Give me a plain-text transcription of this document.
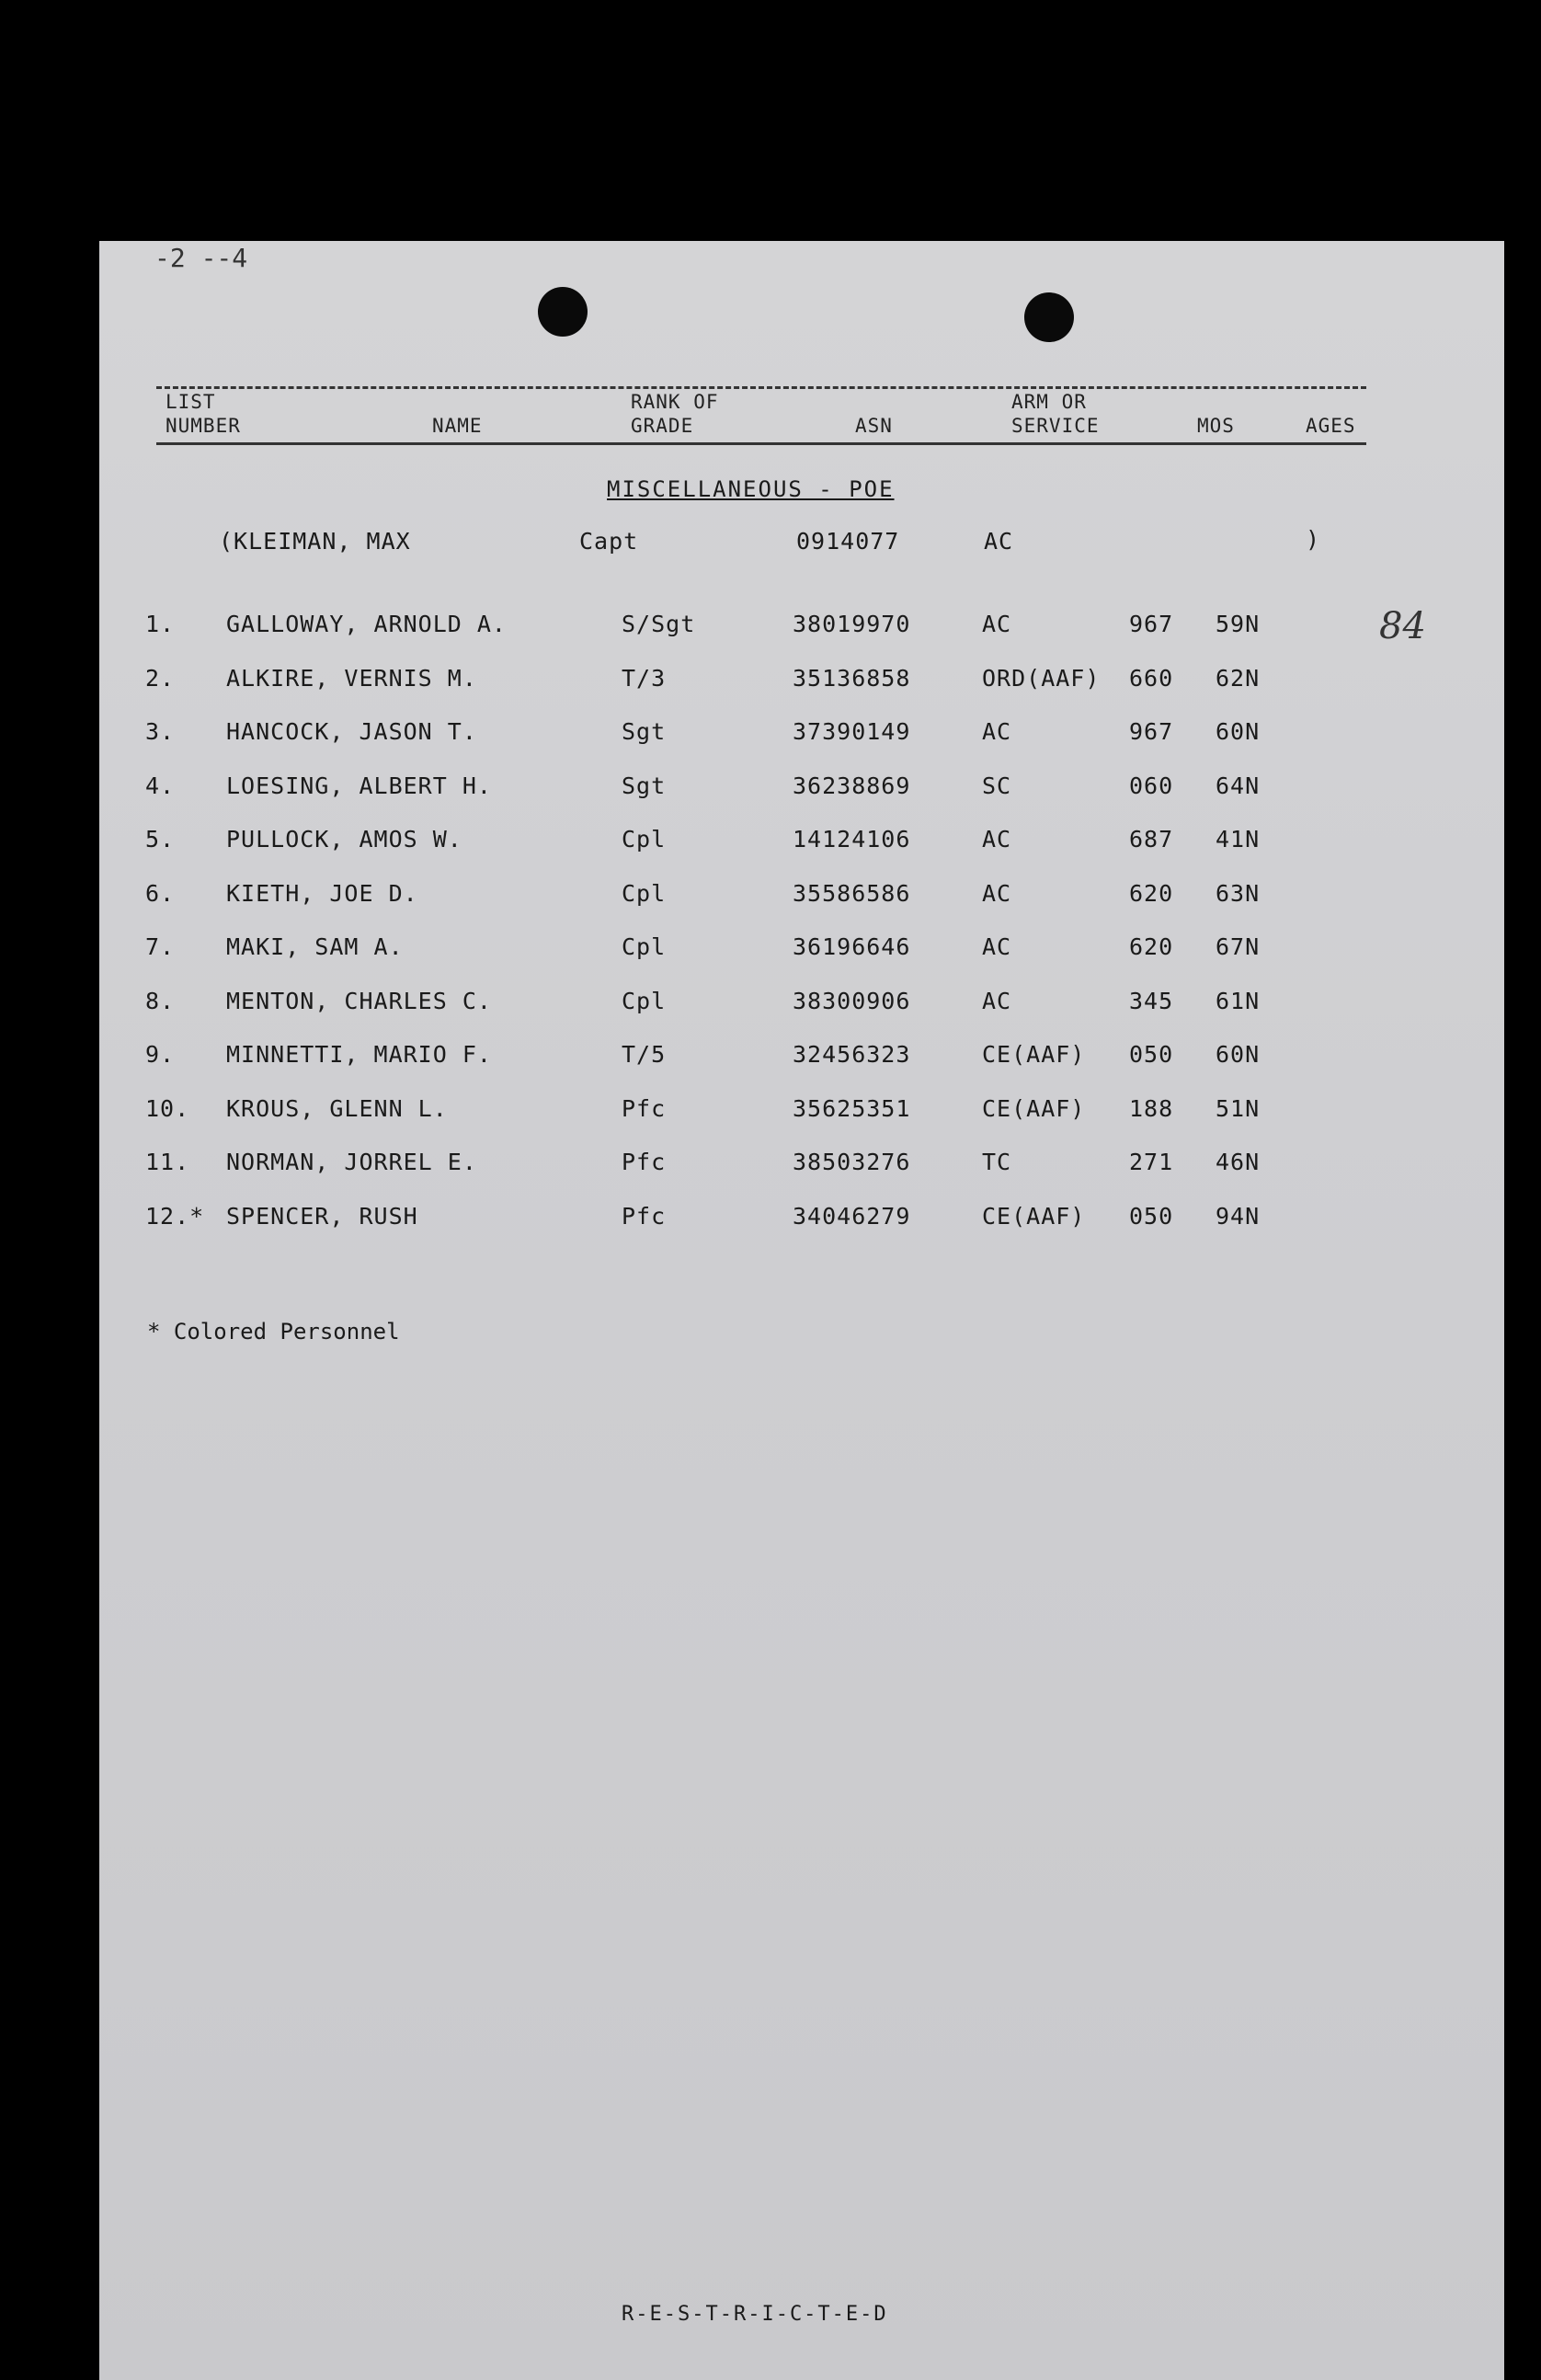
-2 --4
LIST
NUMBER	NAME
RANK OF
GRADE	ASN
ARM OR
SERVICE	MOS	AGES
MISCELLANEOUS - POE
(KLEIMAN, MAX	Capt	0914077	AC	)
84
1. GALLOWAY, ARNOLD A.	S/Sgt	38019970	AC	967 59N
2. ALKIRE, VERNIS M.	T/3	35136858	ORD(AAF) 660 62N
3. HANCOCK, JASON T.	Sgt	37390149	AC	967 60N
4. LOESING, ALBERT H.	Sgt	36238869	SC	060 64N
5. PULLOCK, AMOS W.	Cpl	14124106	AC	687 41N
6. KIETH, JOE D.	Cpl	35586586	AC	620 63N
7. MAKI, SAM A.	Cpl	36196646	AC	620 67N
8. MENTON, CHARLES C.	Cpl	38300906	AC	345 61N
9. MINNETTI, MARIO F.	T/5	32456323	CE(AAF) 050 60N
10. KROUS, GLENN L.	Pfc	35625351	CE(AAF) 188 51N
11. NORMAN, JORREL E.	Pfc	38503276	TC	271 46N
12.* SPENCER, RUSH	Pfc	34046279	CE(AAF) 050 94N
* Colored Personnel
R-E-S-T-R-I-C-T-E-D
